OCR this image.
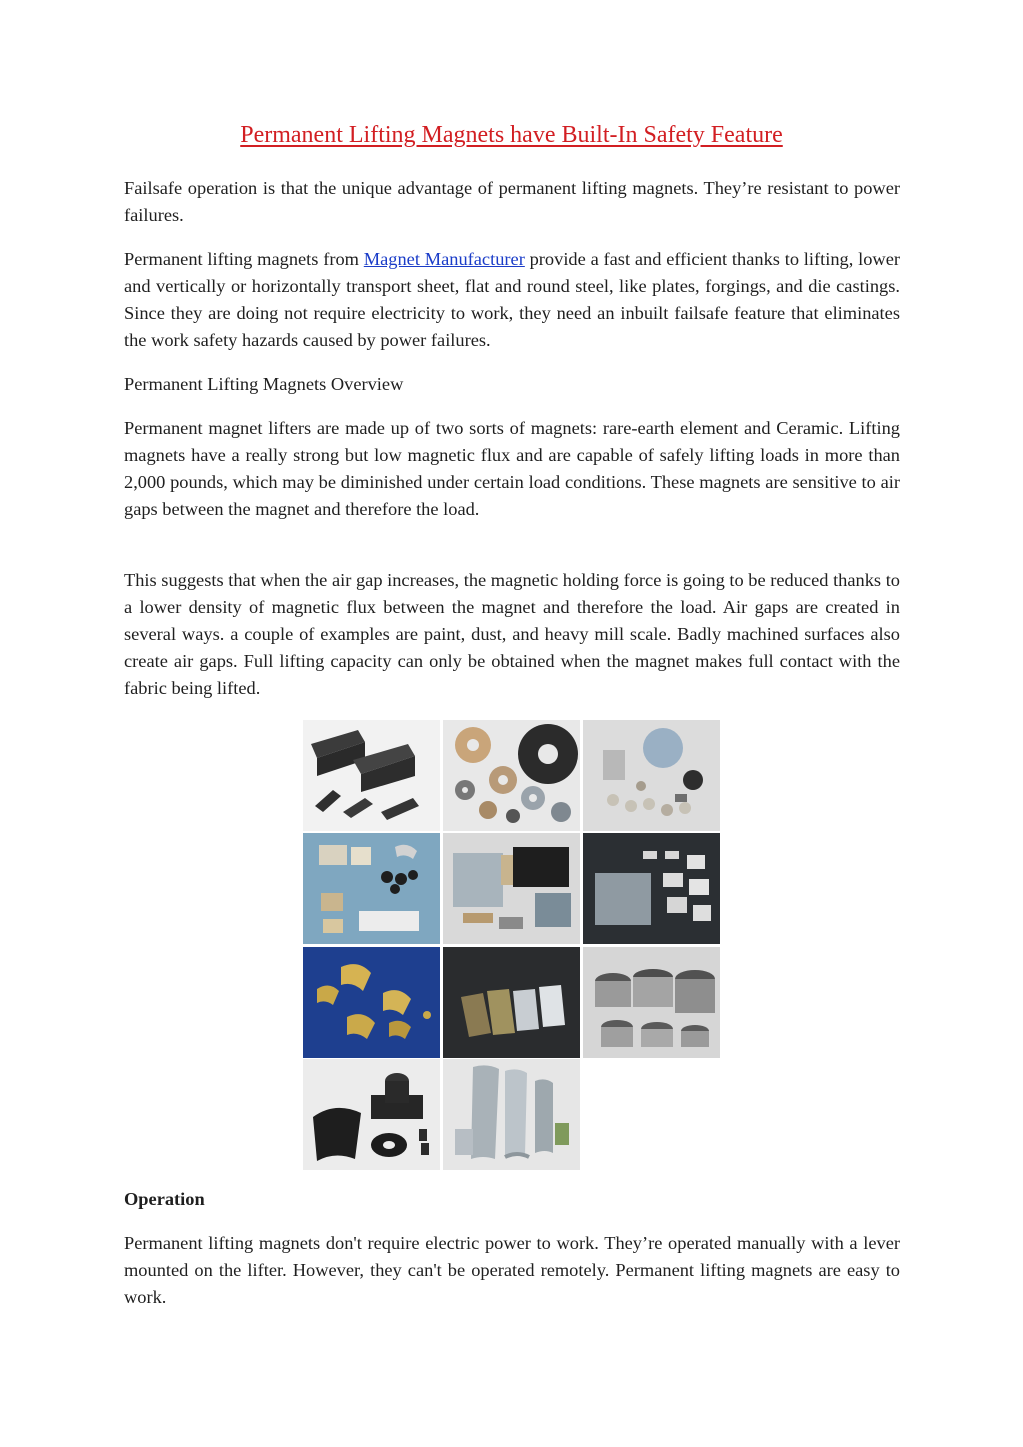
Permanent Lifting Magnets have Built-In Safety Feature

Failsafe operation is that the unique advantage of permanent lifting magnets. They’re resistant to power failures.

Permanent lifting magnets from Magnet Manufacturer provide a fast and efficient thanks to lifting, lower and vertically or horizontally transport sheet, flat and round steel, like plates, forgings, and die castings. Since they are doing not require electricity to work, they need an inbuilt failsafe feature that eliminates the work safety hazards caused by power failures.

Permanent Lifting Magnets Overview

Permanent magnet lifters are made up of two sorts of magnets: rare-earth element and Ceramic. Lifting magnets have a really strong but low magnetic flux and are capable of safely lifting loads in more than 2,000 pounds, which may be diminished under certain load conditions. These magnets are sensitive to air gaps between the magnet and therefore the load.

This suggests that when the air gap increases, the magnetic holding force is going to be reduced thanks to a lower density of magnetic flux between the magnet and therefore the load. Air gaps are created in several ways. a couple of examples are paint, dust, and heavy mill scale. Badly machined surfaces also create air gaps. Full lifting capacity can only be obtained when the magnet makes full contact with the fabric being lifted.

Operation

Permanent lifting magnets don't require electric power to work. They’re operated manually with a lever mounted on the lifter. However, they can't be operated remotely. Permanent lifting magnets are easy to work.
